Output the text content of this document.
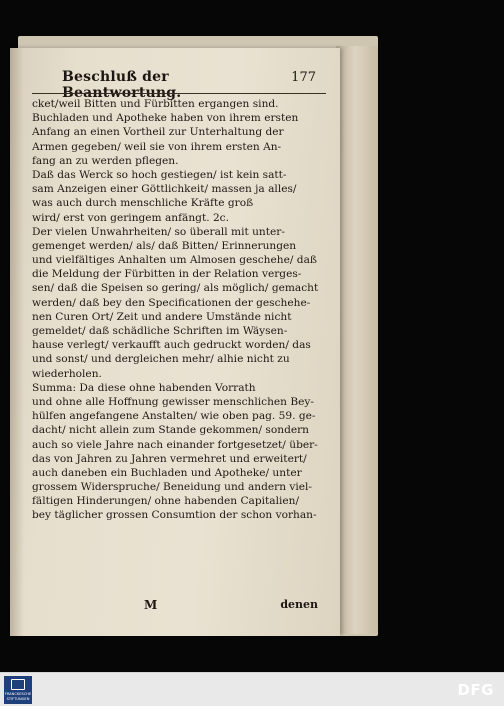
Beschluß der Beantwortung.
177
cket/weil Bitten und Fürbitten ergangen sind.
Buchladen und Apotheke haben von ihrem ersten
Anfang an einen Vortheil zur Unterhaltung der
Armen gegeben/ weil sie von ihrem ersten An-
fang an zu werden pflegen.
Daß das Werck so hoch gestiegen/ ist kein satt-
sam Anzeigen einer Göttlichkeit/ massen ja alles/
was auch durch menschliche Kräfte groß
wird/ erst von geringem anfängt. 2c.
Der vielen Unwahrheiten/ so überall mit unter-
gemenget werden/ als/ daß Bitten/ Erinnerungen
und vielfältiges Anhalten um Almosen geschehe/ daß
die Meldung der Fürbitten in der Relation verges-
sen/ daß die Speisen so gering/ als möglich/ gemacht
werden/ daß bey den Specificationen der geschehe-
nen Curen Ort/ Zeit und andere Umstände nicht
gemeldet/ daß schädliche Schriften im Wäysen-
hause verlegt/ verkaufft auch gedruckt worden/ das
und sonst/ und dergleichen mehr/ alhie nicht zu
wiederholen.
Summa: Da diese ohne habenden Vorrath
und ohne alle Hoffnung gewisser menschlichen Bey-
hülfen angefangene Anstalten/ wie oben pag. 59. ge-
dacht/ nicht allein zum Stande gekommen/ sondern
auch so viele Jahre nach einander fortgesetzet/ über-
das von Jahren zu Jahren vermehret und erweitert/
auch daneben ein Buchladen und Apotheke/ unter
grossem Widerspruche/ Beneidung und andern viel-
fältigen Hinderungen/ ohne habenden Capitalien/
bey täglicher grossen Consumtion der schon vorhan-
M	denen
FRANCKESCHE STIFTUNGEN	DFG
